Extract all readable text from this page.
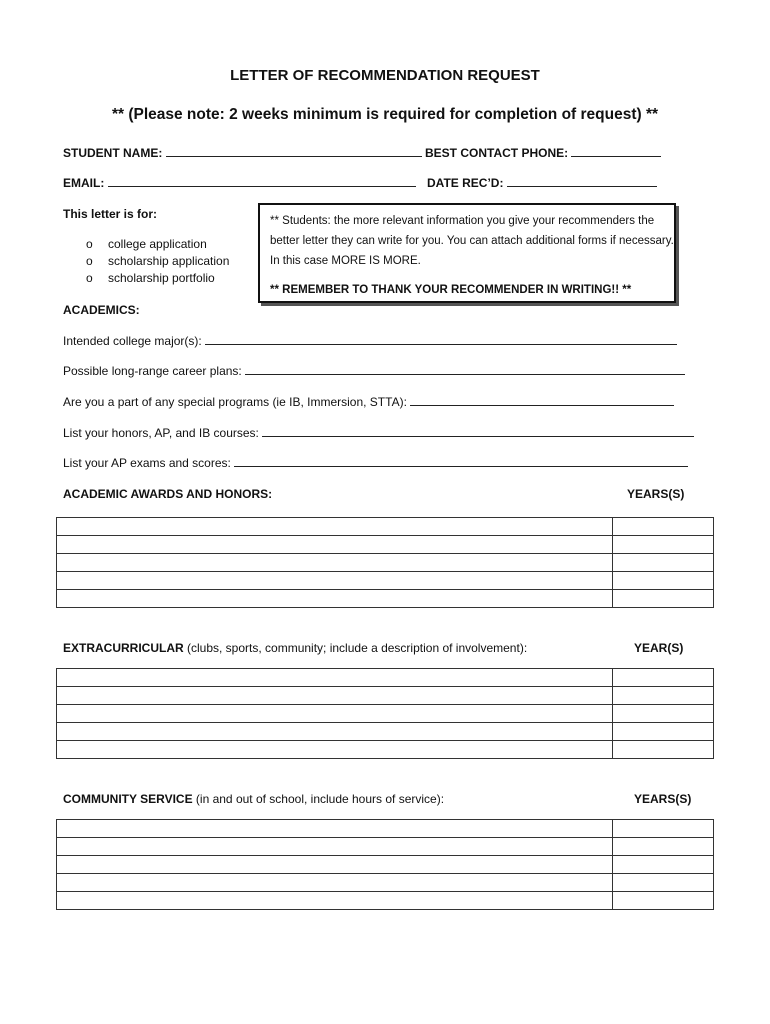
LETTER OF RECOMMENDATION REQUEST
** (Please note: 2 weeks minimum is required for completion of request) **
STUDENT NAME:	BEST CONTACT PHONE:
EMAIL:	DATE REC’D:
This letter is for:
o college application
o scholarship application
o scholarship portfolio
** Students: the more relevant information you give your recommenders the better letter they can write for you. You can attach additional forms if necessary. In this case MORE IS MORE.
** REMEMBER TO THANK YOUR RECOMMENDER IN WRITING!! **
ACADEMICS:
Intended college major(s):
Possible long-range career plans:
Are you a part of any special programs (ie IB, Immersion, STTA):
List your honors, AP, and IB courses:
List your AP exams and scores:
ACADEMIC AWARDS AND HONORS:	YEARS(S)

EXTRACURRICULAR (clubs, sports, community; include a description of involvement):	YEAR(S)

COMMUNITY SERVICE (in and out of school, include hours of service):	YEARS(S)
